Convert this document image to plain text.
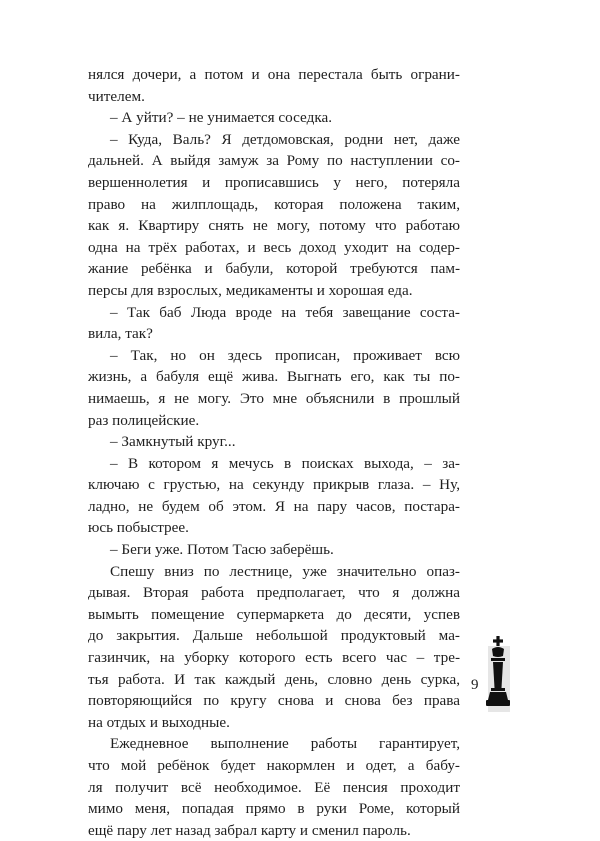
нялся дочери, а потом и она перестала быть ограни-
чителем.
– А уйти? – не унимается соседка.
– Куда, Валь? Я детдомовская, родни нет, даже
дальней. А выйдя замуж за Рому по наступлении со-
вершеннолетия и прописавшись у него, потеряла
право на жилплощадь, которая положена таким,
как я. Квартиру снять не могу, потому что работаю
одна на трёх работах, и весь доход уходит на содер-
жание ребёнка и бабули, которой требуются пам-
персы для взрослых, медикаменты и хорошая еда.
– Так баб Люда вроде на тебя завещание соста-
вила, так?
– Так, но он здесь прописан, проживает всю
жизнь, а бабуля ещё жива. Выгнать его, как ты по-
нимаешь, я не могу. Это мне объяснили в прошлый
раз полицейские.
– Замкнутый круг...
– В котором я мечусь в поисках выхода, – за-
ключаю с грустью, на секунду прикрыв глаза. – Ну,
ладно, не будем об этом. Я на пару часов, постара-
юсь побыстрее.
– Беги уже. Потом Тасю заберёшь.
Спешу вниз по лестнице, уже значительно опаз-
дывая. Вторая работа предполагает, что я должна
вымыть помещение супермаркета до десяти, успев
до закрытия. Дальше небольшой продуктовый ма-
газинчик, на уборку которого есть всего час – тре-
тья работа. И так каждый день, словно день сурка,
повторяющийся по кругу снова и снова без права
на отдых и выходные.
Ежедневное выполнение работы гарантирует,
что мой ребёнок будет накормлен и одет, а бабу-
ля получит всё необходимое. Её пенсия проходит
мимо меня, попадая прямо в руки Роме, который
ещё пару лет назад забрал карту и сменил пароль.
9
